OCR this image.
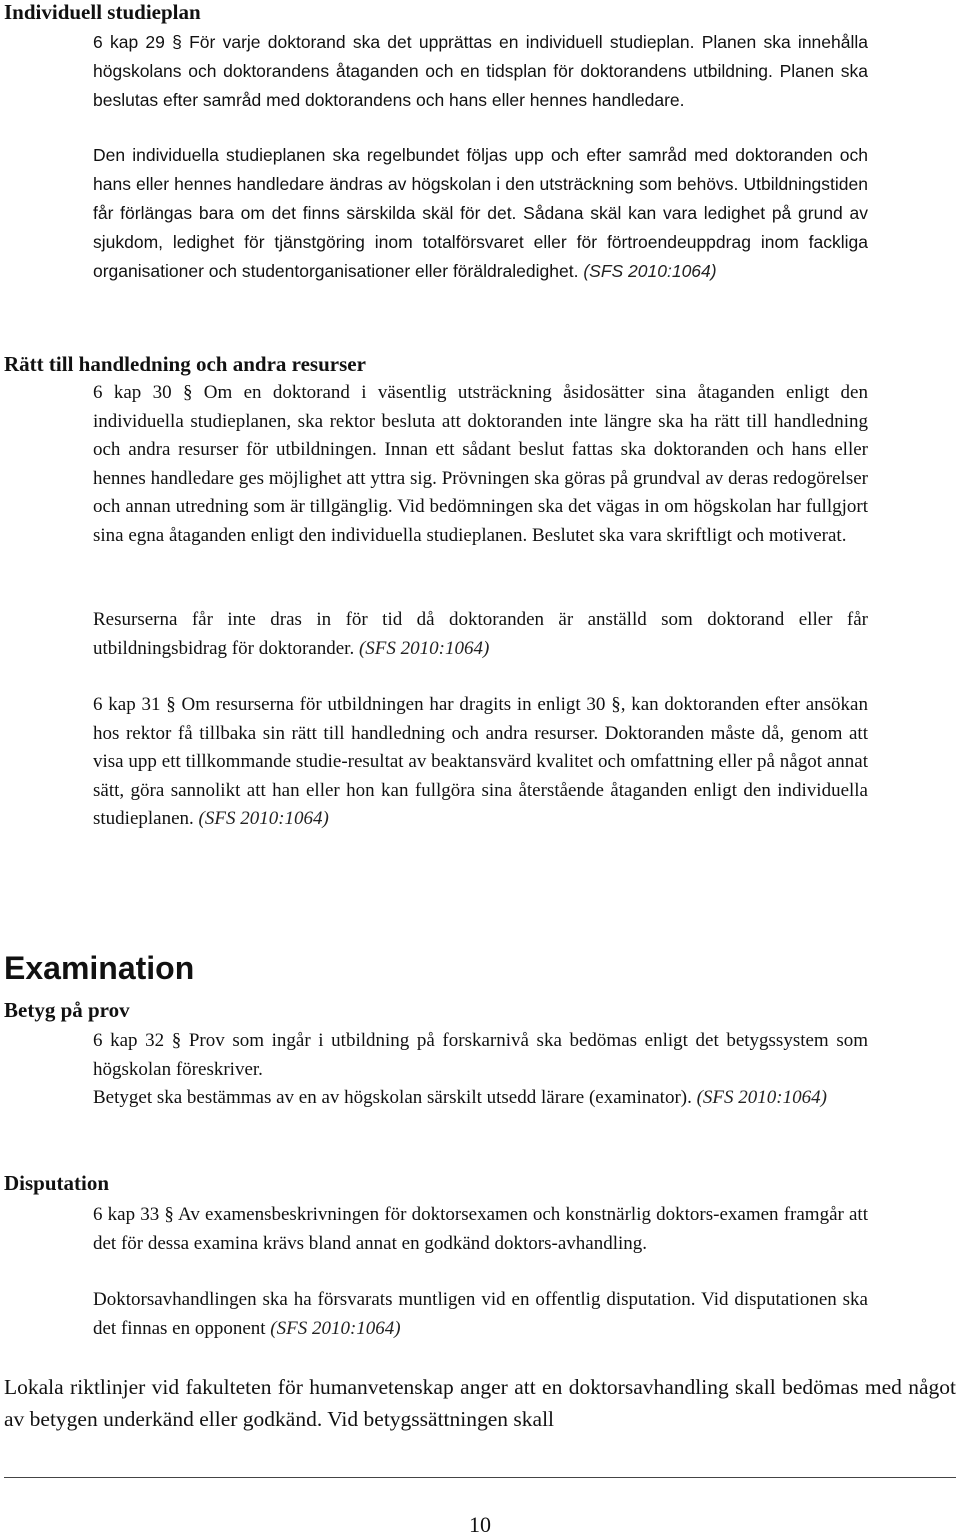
Individuell studieplan

6 kap 29 § För varje doktorand ska det upprättas en individuell studieplan. Planen ska innehålla högskolans och doktorandens åtaganden och en tidsplan för doktorandens utbildning. Planen ska beslutas efter samråd med doktorandens och hans eller hennes handledare.

Den individuella studieplanen ska regelbundet följas upp och efter samråd med doktoranden och hans eller hennes handledare ändras av högskolan i den utsträckning som behövs. Utbildningstiden får förlängas bara om det finns särskilda skäl för det. Sådana skäl kan vara ledighet på grund av sjukdom, ledighet för tjänstgöring inom totalförsvaret eller för förtroendeuppdrag inom fackliga organisationer och studentorganisationer eller föräldraledighet. (SFS 2010:1064)

Rätt till handledning och andra resurser

6 kap 30 § Om en doktorand i väsentlig utsträckning åsidosätter sina åtaganden enligt den individuella studieplanen, ska rektor besluta att doktoranden inte längre ska ha rätt till handledning och andra resurser för utbildningen. Innan ett sådant beslut fattas ska doktoranden och hans eller hennes handledare ges möjlighet att yttra sig. Prövningen ska göras på grundval av deras redogörelser och annan utredning som är tillgänglig. Vid bedömningen ska det vägas in om högskolan har fullgjort sina egna åtaganden enligt den individuella studieplanen. Beslutet ska vara skriftligt och motiverat.

Resurserna får inte dras in för tid då doktoranden är anställd som doktorand eller får utbildningsbidrag för doktorander. (SFS 2010:1064)

6 kap 31 § Om resurserna för utbildningen har dragits in enligt 30 §, kan doktoranden efter ansökan hos rektor få tillbaka sin rätt till handledning och andra resurser. Doktoranden måste då, genom att visa upp ett tillkommande studie-resultat av beaktansvärd kvalitet och omfattning eller på något annat sätt, göra sannolikt att han eller hon kan fullgöra sina återstående åtaganden enligt den individuella studieplanen. (SFS 2010:1064)

Examination
Betyg på prov

6 kap 32 § Prov som ingår i utbildning på forskarnivå ska bedömas enligt det betygssystem som högskolan föreskriver.

Betyget ska bestämmas av en av högskolan särskilt utsedd lärare (examinator). (SFS 2010:1064)

Disputation

6 kap 33 § Av examensbeskrivningen för doktorsexamen och konstnärlig doktors-examen framgår att det för dessa examina krävs bland annat en godkänd doktors-avhandling.

Doktorsavhandlingen ska ha försvarats muntligen vid en offentlig disputation. Vid disputationen ska det finnas en opponent (SFS 2010:1064)

Lokala riktlinjer vid fakulteten för humanvetenskap anger att en doktorsavhandling skall bedömas med något av betygen underkänd eller godkänd. Vid betygssättningen skall

10
